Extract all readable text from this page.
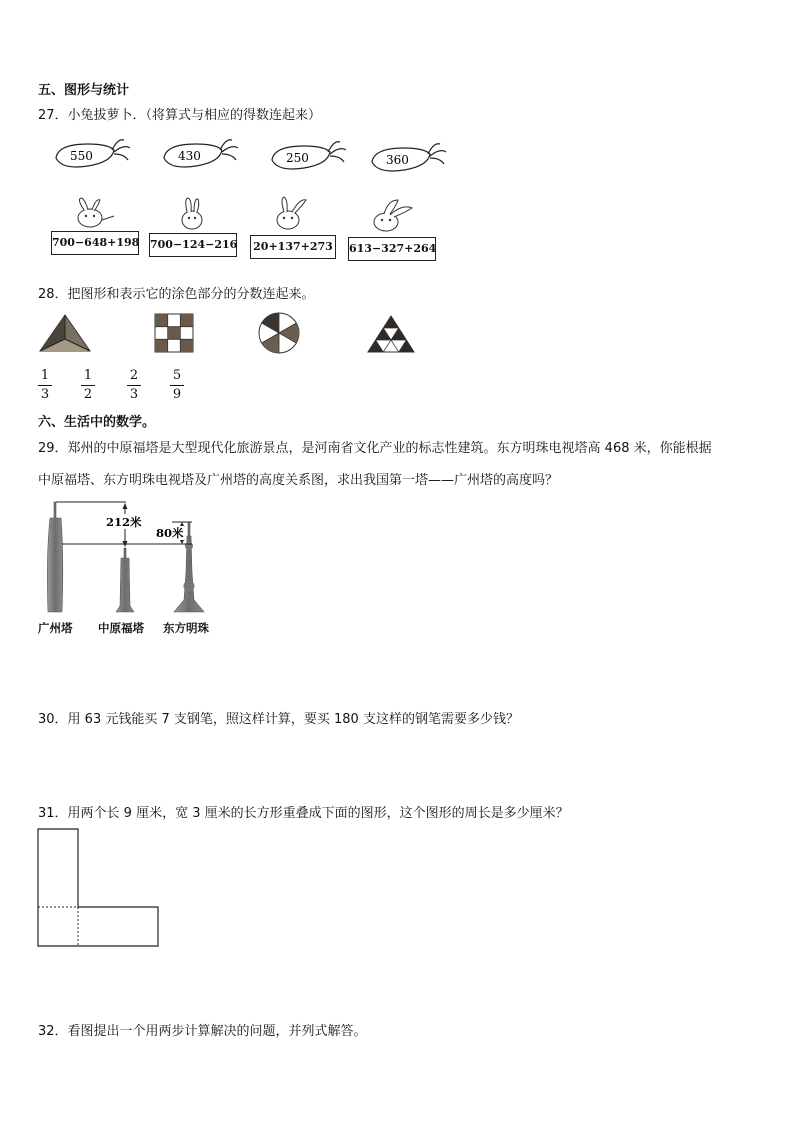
五、图形与统计
27．小兔拔萝卜．（将算式与相应的得数连起来）
550	430	250	360
700−648+198 700−124−216 20+137+273 613−327+264
28．把图形和表示它的涂色部分的分数连起来。
1
3
1
2
2
3
5
9
六、生活中的数学。
29．郑州的中原福塔是大型现代化旅游景点，是河南省文化产业的标志性建筑。东方明珠电视塔高 468 米，你能根据
中原福塔、东方明珠电视塔及广州塔的高度关系图，求出我国第一塔——广州塔的高度吗？
212米
80米
广州塔 中原福塔 东方明珠
30．用 63 元钱能买 7 支钢笔，照这样计算，要买 180 支这样的钢笔需要多少钱？
31．用两个长 9 厘米，宽 3 厘米的长方形重叠成下面的图形，这个图形的周长是多少厘米？
32．看图提出一个用两步计算解决的问题，并列式解答。
